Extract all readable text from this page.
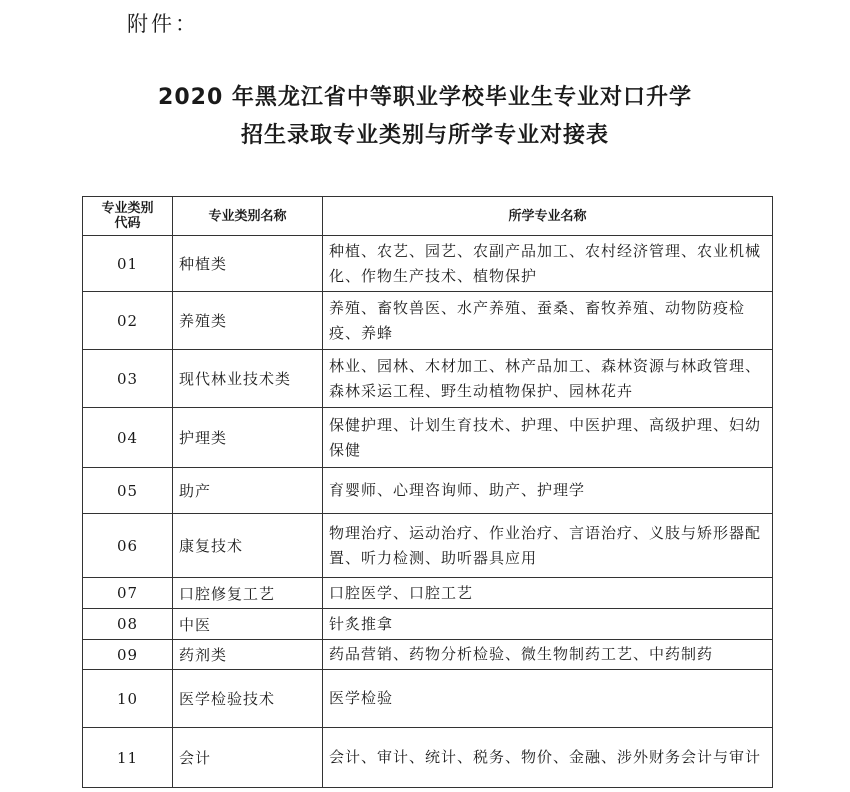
附件：
2020 年黑龙江省中等职业学校毕业生专业对口升学
招生录取专业类别与所学专业对接表
专业类别
代码	专业类别名称	所学专业名称
01	种植类	种植、农艺、园艺、农副产品加工、农村经济管理、农业机械化、作物生产技术、植物保护
02	养殖类	养殖、畜牧兽医、水产养殖、蚕桑、畜牧养殖、动物防疫检疫、养蜂
03	现代林业技术类	林业、园林、木材加工、林产品加工、森林资源与林政管理、森林采运工程、野生动植物保护、园林花卉
04	护理类	保健护理、计划生育技术、护理、中医护理、高级护理、妇幼保健
05	助产	育婴师、心理咨询师、助产、护理学
06	康复技术	物理治疗、运动治疗、作业治疗、言语治疗、义肢与矫形器配置、听力检测、助听器具应用
07	口腔修复工艺	口腔医学、口腔工艺
08	中医	针炙推拿
09	药剂类	药品营销、药物分析检验、微生物制药工艺、中药制药
10	医学检验技术	医学检验
11	会计	会计、审计、统计、税务、物价、金融、涉外财务会计与审计
